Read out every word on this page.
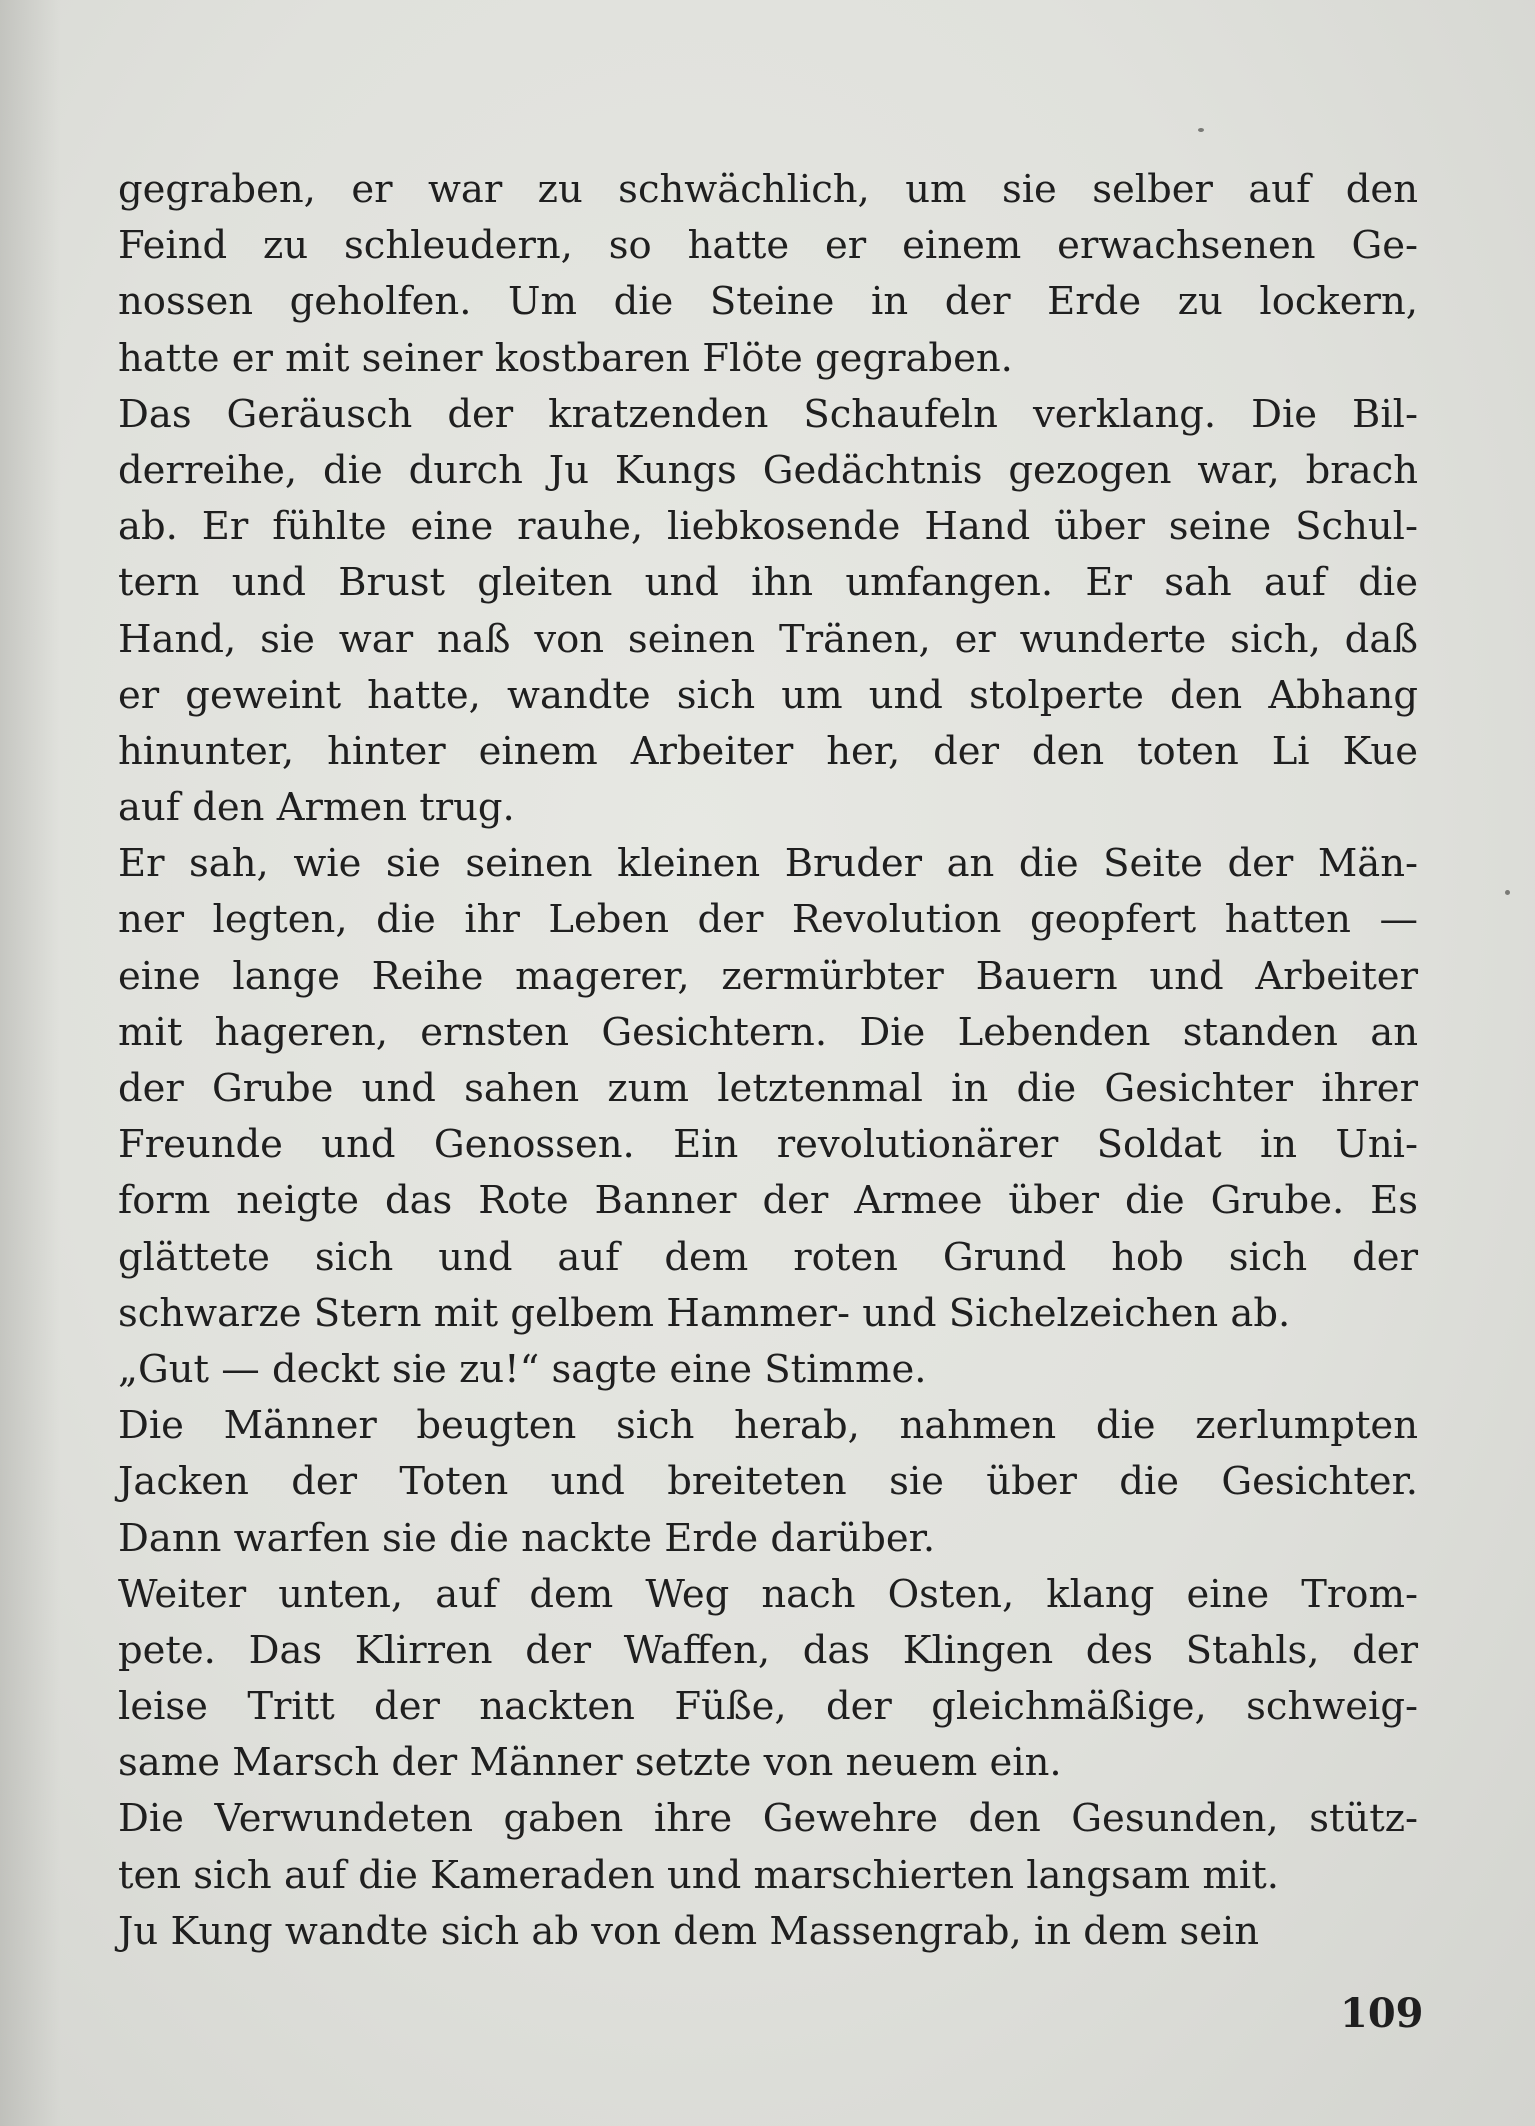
gegraben, er war zu schwächlich, um sie selber auf den
Feind zu schleudern, so hatte er einem erwachsenen Ge-
nossen geholfen. Um die Steine in der Erde zu lockern,
hatte er mit seiner kostbaren Flöte gegraben.
Das Geräusch der kratzenden Schaufeln verklang. Die Bil-
derreihe, die durch Ju Kungs Gedächtnis gezogen war, brach
ab. Er fühlte eine rauhe, liebkosende Hand über seine Schul-
tern und Brust gleiten und ihn umfangen. Er sah auf die
Hand, sie war naß von seinen Tränen, er wunderte sich, daß
er geweint hatte, wandte sich um und stolperte den Abhang
hinunter, hinter einem Arbeiter her, der den toten Li Kue
auf den Armen trug.
Er sah, wie sie seinen kleinen Bruder an die Seite der Män-
ner legten, die ihr Leben der Revolution geopfert hatten —
eine lange Reihe magerer, zermürbter Bauern und Arbeiter
mit hageren, ernsten Gesichtern. Die Lebenden standen an
der Grube und sahen zum letztenmal in die Gesichter ihrer
Freunde und Genossen. Ein revolutionärer Soldat in Uni-
form neigte das Rote Banner der Armee über die Grube. Es
glättete sich und auf dem roten Grund hob sich der
schwarze Stern mit gelbem Hammer- und Sichelzeichen ab.
„Gut — deckt sie zu!“ sagte eine Stimme.
Die Männer beugten sich herab, nahmen die zerlumpten
Jacken der Toten und breiteten sie über die Gesichter.
Dann warfen sie die nackte Erde darüber.
Weiter unten, auf dem Weg nach Osten, klang eine Trom-
pete. Das Klirren der Waffen, das Klingen des Stahls, der
leise Tritt der nackten Füße, der gleichmäßige, schweig-
same Marsch der Männer setzte von neuem ein.
Die Verwundeten gaben ihre Gewehre den Gesunden, stütz-
ten sich auf die Kameraden und marschierten langsam mit.
Ju Kung wandte sich ab von dem Massengrab, in dem sein
109
